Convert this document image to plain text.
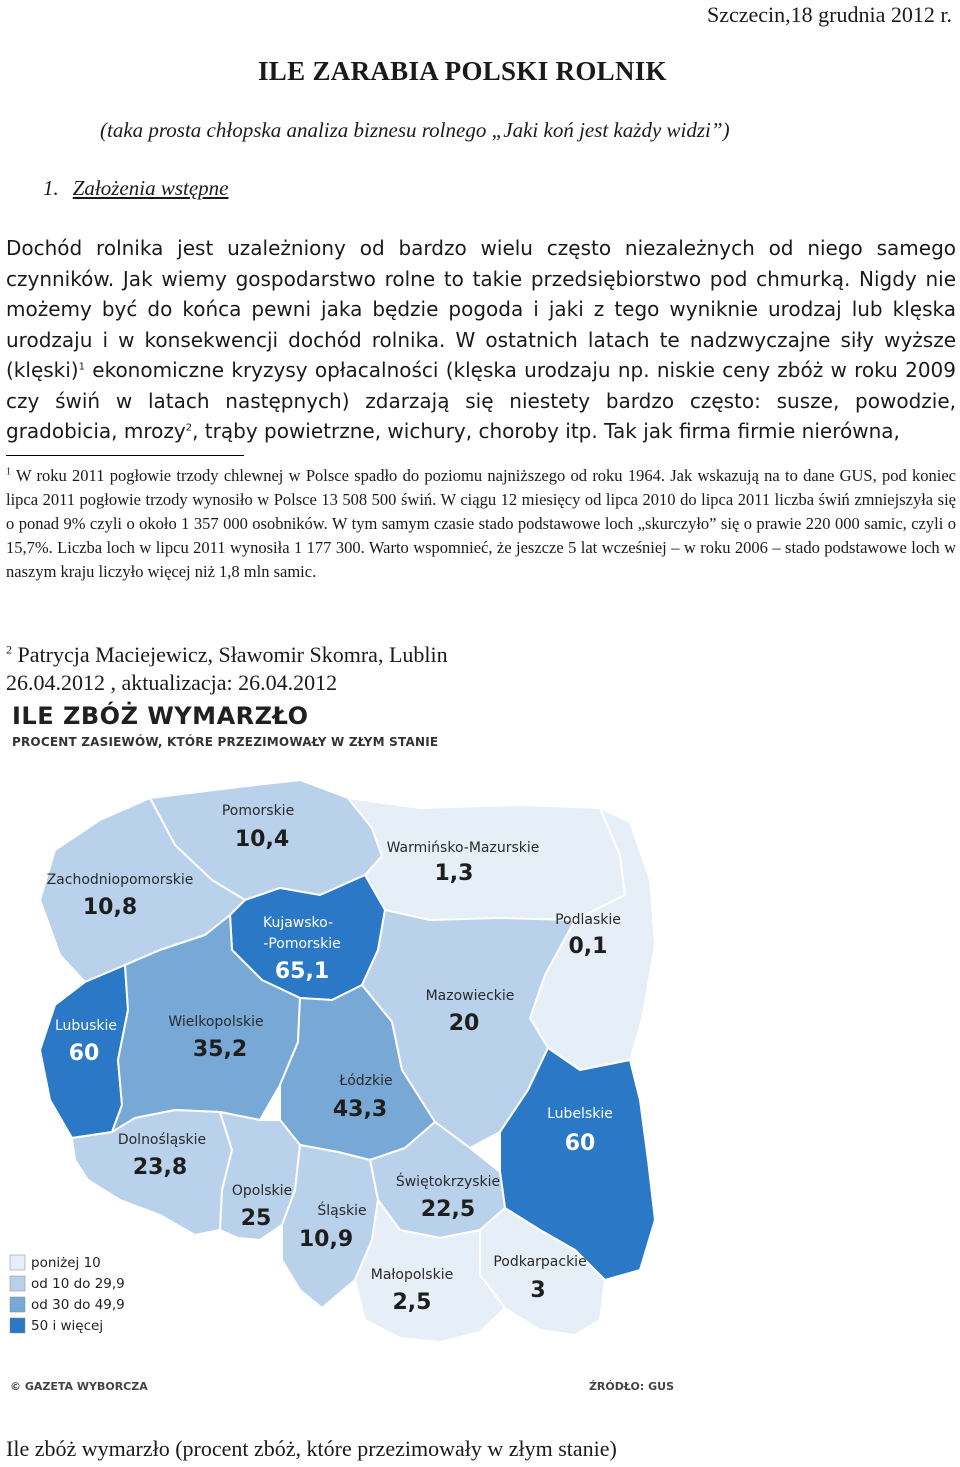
Szczecin,18 grudnia 2012 r.
ILE ZARABIA POLSKI ROLNIK
(taka prosta chłopska analiza biznesu rolnego „Jaki koń jest każdy widzi”)
1. Założenia wstępne
Dochód rolnika jest uzależniony od bardzo wielu często niezależnych od niego samego czynników. Jak wiemy gospodarstwo rolne to takie przedsiębiorstwo pod chmurką. Nigdy nie możemy być do końca pewni jaka będzie pogoda i jaki z tego wyniknie urodzaj lub klęska urodzaju i w konsekwencji dochód rolnika. W ostatnich latach te nadzwyczajne siły wyższe (klęski)$^1$ ekonomiczne kryzysy opłacalności (klęska urodzaju np. niskie ceny zbóż w roku 2009 czy świń w latach następnych) zdarzają się niestety bardzo często: susze, powodzie, gradobicia, mrozy$^2$, trąby powietrzne, wichury, choroby itp. Tak jak firma firmie nierówna,
$^1$ W roku 2011 pogłowie trzody chlewnej w Polsce spadło do poziomu najniższego od roku 1964. Jak wskazują na to dane GUS, pod koniec lipca 2011 pogłowie trzody wynosiło w Polsce 13 508 500 świń. W ciągu 12 miesięcy od lipca 2010 do lipca 2011 liczba świń zmniejszyła się o ponad 9% czyli o około 1 357 000 osobników. W tym samym czasie stado podstawowe loch „skurczyło” się o prawie 220 000 samic, czyli o 15,7%. Liczba loch w lipcu 2011 wynosiła 1 177 300. Warto wspomnieć, że jeszcze 5 lat wcześniej – w roku 2006 – stado podstawowe loch w naszym kraju liczyło więcej niż 1,8 mln samic.
$^2$ Patrycja Maciejewicz, Sławomir Skomra, Lublin
26.04.2012 , aktualizacja: 26.04.2012
ILE ZBÓŻ WYMARZŁO
PROCENT ZASIEWÓW, KTÓRE PRZEZIMOWAŁY W ZŁYM STANIE
Pomorskie
10,4	Warmińsko-Mazurskie
1,3
Zachodniopomorskie
10,8	Podlaskie
0,1
Kujawsko-
-Pomorskie
65,1
Mazowieckie
20
Lubuskie
60
Wielkopolskie
35,2
Łódzkie
43,3	Lubelskie
60
Dolnośląskie
23,8
Świętokrzyskie
22,5
Opolskie
25	Śląskie
10,9
Podkarpackie
3
Małopolskie
2,5
poniżej 10
od 10 do 29,9
od 30 do 49,9
50 i więcej
© GAZETA WYBORCZA	ŹRÓDŁO: GUS
Ile zbóż wymarzło (procent zbóż, które przezimowały w złym stanie)
